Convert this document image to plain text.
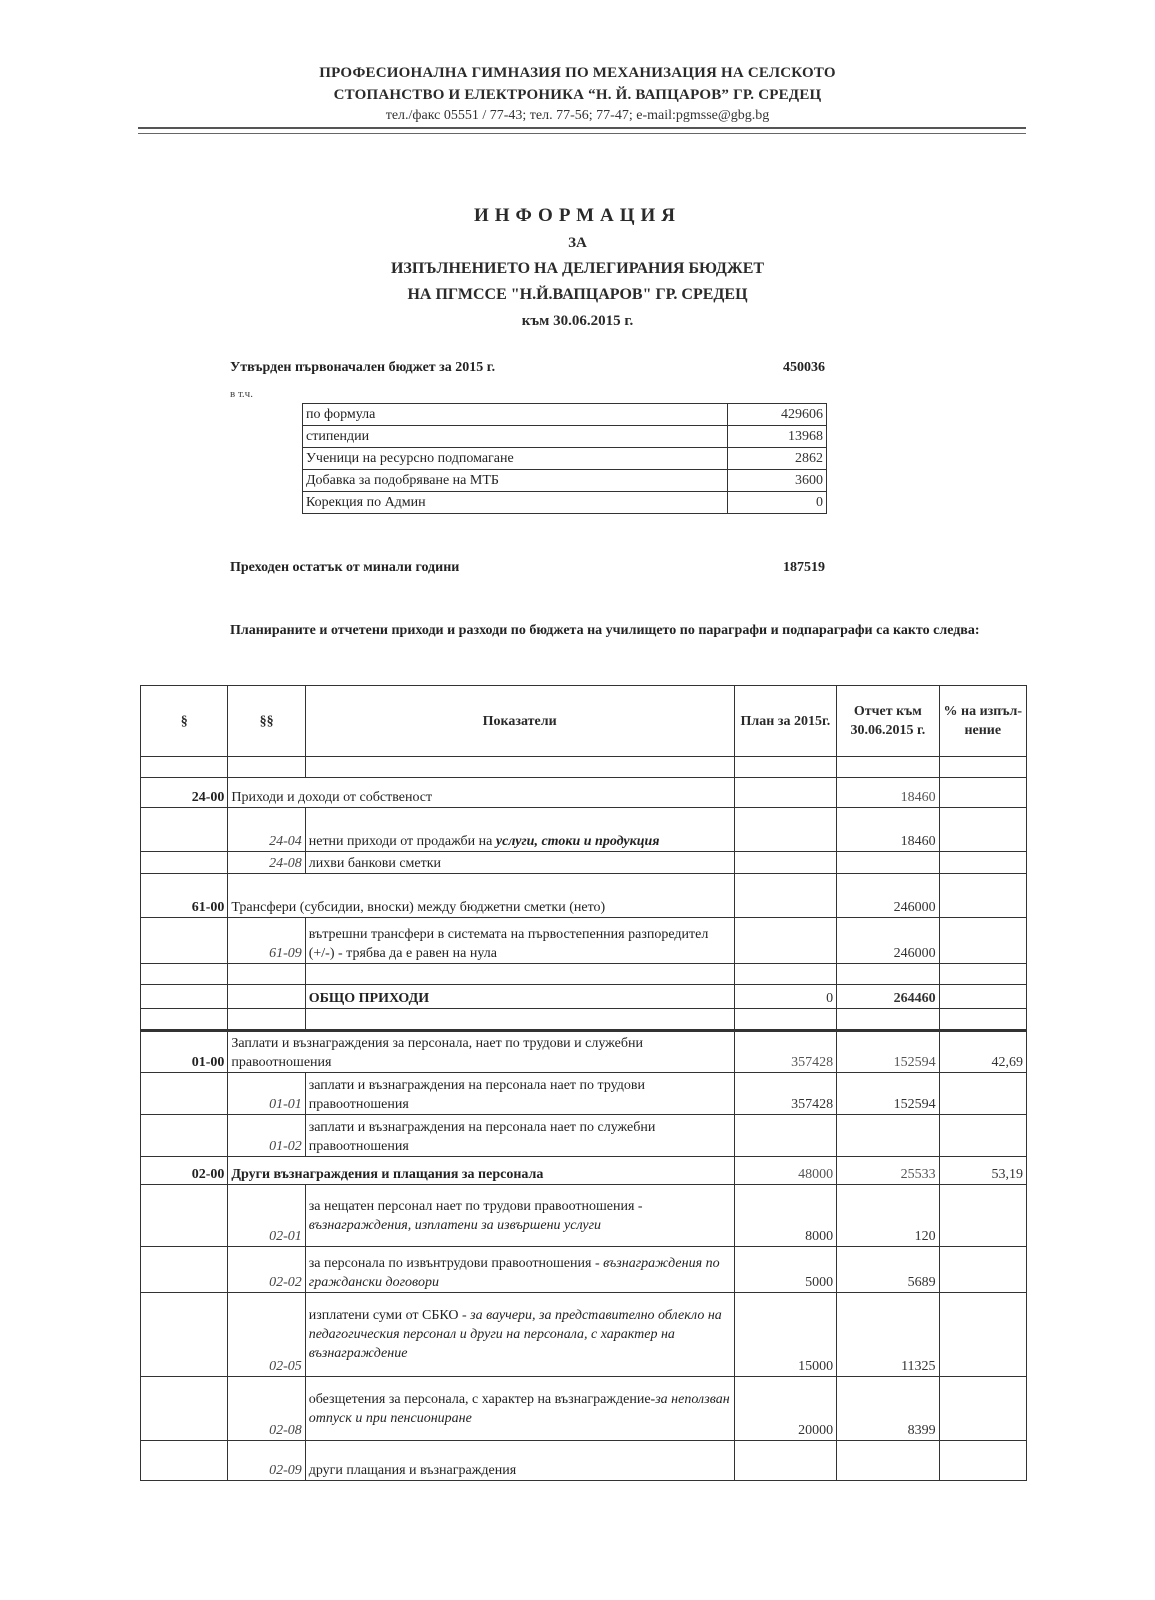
ПРОФЕСИОНАЛНА ГИМНАЗИЯ ПО МЕХАНИЗАЦИЯ НА СЕЛСКОТО
СТОПАНСТВО И ЕЛЕКТРОНИКА “Н. Й. ВАПЦАРОВ” ГР. СРЕДЕЦ
тел./факс 05551 / 77-43; тел. 77-56; 77-47; e-mail:pgmsse@gbg.bg
ИНФОРМАЦИЯ
ЗА
ИЗПЪЛНЕНИЕТО НА ДЕЛЕГИРАНИЯ БЮДЖЕТ
НА ПГМССЕ "Н.Й.ВАПЦАРОВ" ГР. СРЕДЕЦ
към 30.06.2015 г.
Утвърден първоначален бюджет за 2015 г.	450036
в т.ч.
по формула	429606
стипендии	13968
Ученици на ресурсно подпомагане	2862
Добавка за подобряване на МТБ	3600
Корекция по Админ	0
Преходен остатък от минали години	187519
Планираните и отчетени приходи и разходи по бюджета на училището по параграфи и подпараграфи са както следва:
§	§§	Показатели	План за 2015г.	Отчет към 30.06.2015 г.	% на изпъл-нение

24-00	Приходи и доходи от собственост			18460	
	24-04	нетни приходи от продажби на услуги, стоки и продукция		18460	
	24-08	лихви банкови сметки			
61-00	Трансфери (субсидии, вноски) между бюджетни сметки (нето)			246000	
	61-09	вътрешни трансфери в системата на първостепенния разпоредител (+/-) - трябва да е равен на нула		246000	

		ОБЩО ПРИХОДИ	0	264460	

01-00	Заплати и възнаграждения за персонала, нает по трудови и служебни правоотношения		357428	152594	42,69
	01-01	заплати и възнаграждения на персонала нает по трудови правоотношения	357428	152594	
	01-02	заплати и възнаграждения на персонала нает по служебни правоотношения			
02-00	Други възнаграждения и плащания за персонала		48000	25533	53,19
	02-01	за нещатен персонал нает по трудови правоотношения - възнаграждения, изплатени за извършени услуги	8000	120	
	02-02	за персонала по извънтрудови правоотношения - възнаграждения по граждански договори	5000	5689	
	02-05	изплатени суми от СБКО - за ваучери, за представително облекло на педагогическия персонал и други на персонала, с характер на възнаграждение	15000	11325	
	02-08	обезщетения за персонала, с характер на възнаграждение-за неползван отпуск и при пенсиониране	20000	8399	
	02-09	други плащания и възнаграждения			
